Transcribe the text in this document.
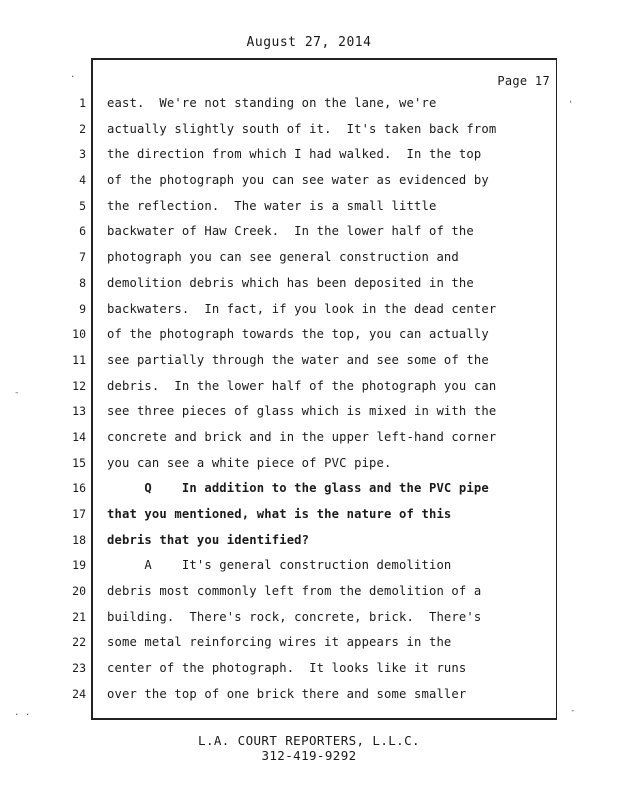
August 27, 2014
Page 17
1
2
3
4
5
6
7
8
9
10
11
12
13
14
15
16
17
18
19
20
21
22
23
24
east.  We're not standing on the lane, we're
actually slightly south of it.  It's taken back from
the direction from which I had walked.  In the top
of the photograph you can see water as evidenced by
the reflection.  The water is a small little
backwater of Haw Creek.  In the lower half of the
photograph you can see general construction and
demolition debris which has been deposited in the
backwaters.  In fact, if you look in the dead center
of the photograph towards the top, you can actually
see partially through the water and see some of the
debris.  In the lower half of the photograph you can
see three pieces of glass which is mixed in with the
concrete and brick and in the upper left-hand corner
you can see a white piece of PVC pipe.
Q    In addition to the glass and the PVC pipe
that you mentioned, what is the nature of this
debris that you identified?
A    It's general construction demolition
debris most commonly left from the demolition of a
building.  There's rock, concrete, brick.  There's
some metal reinforcing wires it appears in the
center of the photograph.  It looks like it runs
over the top of one brick there and some smaller
L.A. COURT REPORTERS, L.L.C.
312-419-9292
.
-
. .
'
-
